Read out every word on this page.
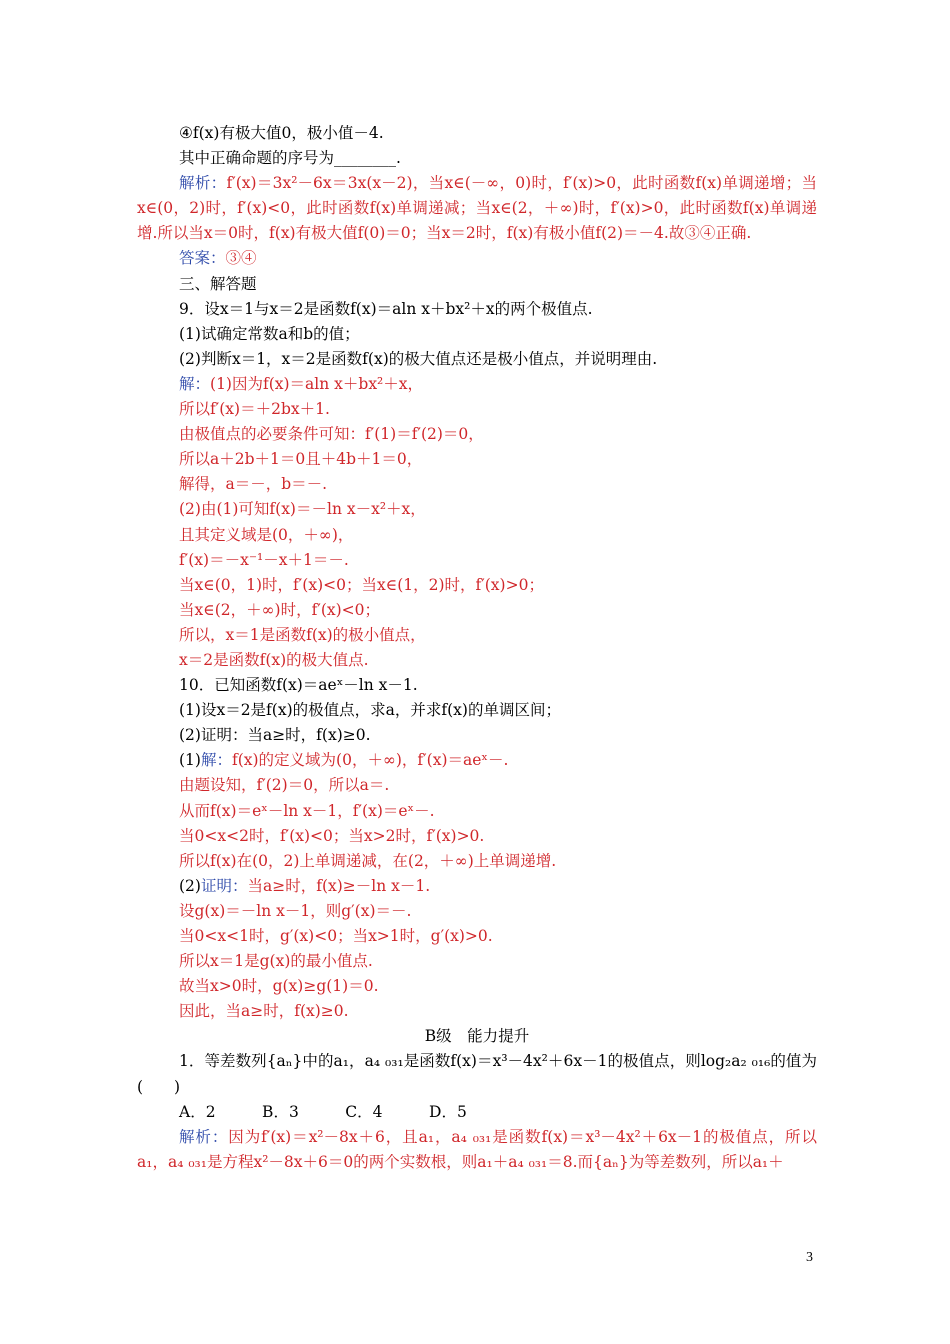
④f(x)有极大值0，极小值－4.
其中正确命题的序号为________.
解析：f′(x)＝3x²－6x＝3x(x－2)，当x∈(－∞，0)时，f′(x)>0，此时函数f(x)单调递增；当x∈(0，2)时，f′(x)<0，此时函数f(x)单调递减；当x∈(2，＋∞)时，f′(x)>0，此时函数f(x)单调递增.所以当x＝0时，f(x)有极大值f(0)＝0；当x＝2时，f(x)有极小值f(2)＝－4.故③④正确.
答案：③④
三、解答题
9．设x＝1与x＝2是函数f(x)＝aln x＋bx²＋x的两个极值点.
(1)试确定常数a和b的值；
(2)判断x＝1，x＝2是函数f(x)的极大值点还是极小值点，并说明理由.
解：(1)因为f(x)＝aln x＋bx²＋x，
所以f′(x)＝＋2bx＋1.
由极值点的必要条件可知：f′(1)＝f′(2)＝0，
所以a＋2b＋1＝0且＋4b＋1＝0，
解得，a＝－，b＝－.
(2)由(1)可知f(x)＝－ln x－x²＋x，
且其定义域是(0，＋∞)，
f′(x)＝－x⁻¹－x＋1＝－.
当x∈(0，1)时，f′(x)<0；当x∈(1，2)时，f′(x)>0；
当x∈(2，＋∞)时，f′(x)<0；
所以，x＝1是函数f(x)的极小值点，
x＝2是函数f(x)的极大值点.
10．已知函数f(x)＝aeˣ－ln x－1.
(1)设x＝2是f(x)的极值点，求a，并求f(x)的单调区间；
(2)证明：当a≥时，f(x)≥0.
(1)解：f(x)的定义域为(0，＋∞)，f′(x)＝aeˣ－.
由题设知，f′(2)＝0，所以a＝.
从而f(x)＝eˣ－ln x－1，f′(x)＝eˣ－.
当0<x<2时，f′(x)<0；当x>2时，f′(x)>0.
所以f(x)在(0，2)上单调递减，在(2，＋∞)上单调递增.
(2)证明：当a≥时，f(x)≥－ln x－1.
设g(x)＝－ln x－1，则g′(x)＝－.
当0<x<1时，g′(x)<0；当x>1时，g′(x)>0.
所以x＝1是g(x)的最小值点.
故当x>0时，g(x)≥g(1)＝0.
因此，当a≥时，f(x)≥0.
B级　能力提升
1．等差数列{aₙ}中的a₁，a₄ ₀₃₁是函数f(x)＝x³－4x²＋6x－1的极值点，则log₂a₂ ₀₁₆的值为(　　)
A．2　　　B．3　　　C．4　　　D．5
解析：因为f′(x)＝x²－8x＋6，且a₁，a₄ ₀₃₁是函数f(x)＝x³－4x²＋6x－1的极值点，所以a₁，a₄ ₀₃₁是方程x²－8x＋6＝0的两个实数根，则a₁＋a₄ ₀₃₁＝8.而{aₙ}为等差数列，所以a₁＋
3
